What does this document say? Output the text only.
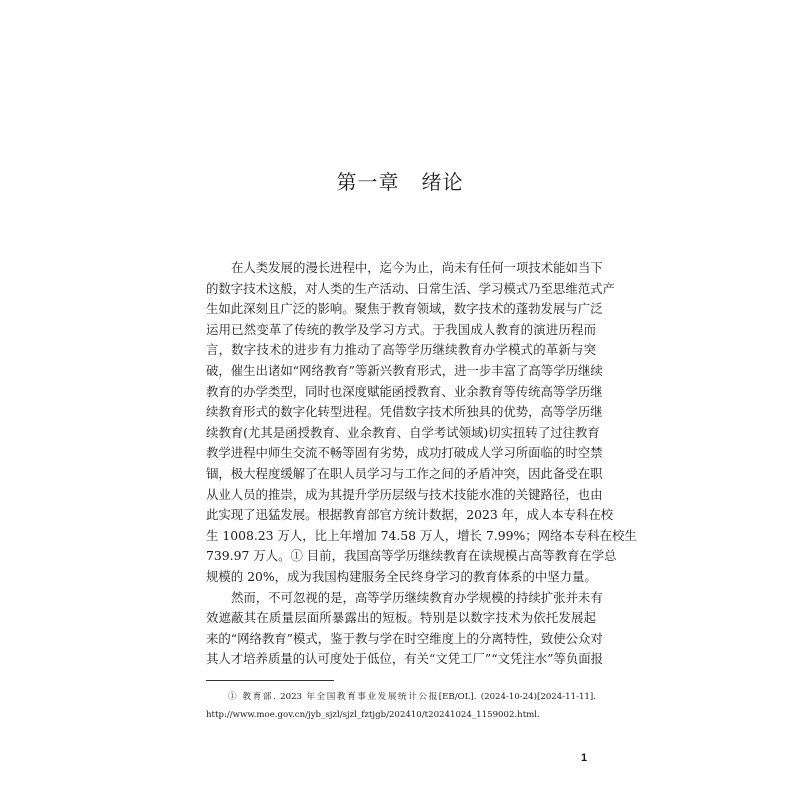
第一章 绪论
在人类发展的漫长进程中，迄今为止，尚未有任何一项技术能如当下
的数字技术这般，对人类的生产活动、日常生活、学习模式乃至思维范式产
生如此深刻且广泛的影响。聚焦于教育领域，数字技术的蓬勃发展与广泛
运用已然变革了传统的教学及学习方式。于我国成人教育的演进历程而
言，数字技术的进步有力推动了高等学历继续教育办学模式的革新与突
破，催生出诸如“网络教育”等新兴教育形式，进一步丰富了高等学历继续
教育的办学类型，同时也深度赋能函授教育、业余教育等传统高等学历继
续教育形式的数字化转型进程。凭借数字技术所独具的优势，高等学历继
续教育(尤其是函授教育、业余教育、自学考试领域)切实扭转了过往教育
教学进程中师生交流不畅等固有劣势，成功打破成人学习所面临的时空禁
锢，极大程度缓解了在职人员学习与工作之间的矛盾冲突，因此备受在职
从业人员的推崇，成为其提升学历层级与技术技能水准的关键路径，也由
此实现了迅猛发展。根据教育部官方统计数据，2023 年，成人本专科在校
生 1008.23 万人，比上年增加 74.58 万人，增长 7.99%；网络本专科在校生
739.97 万人。① 目前，我国高等学历继续教育在读规模占高等教育在学总
规模的 20%，成为我国构建服务全民终身学习的教育体系的中坚力量。
然而，不可忽视的是，高等学历继续教育办学规模的持续扩张并未有
效遮蔽其在质量层面所暴露出的短板。特别是以数字技术为依托发展起
来的“网络教育”模式，鉴于教与学在时空维度上的分离特性，致使公众对
其人才培养质量的认可度处于低位，有关“文凭工厂”“文凭注水”等负面报
① 教育部. 2023 年全国教育事业发展统计公报[EB/OL]. (2024-10-24)[2024-11-11].
http://www.moe.gov.cn/jyb_sjzl/sjzl_fztjgb/202410/t20241024_1159002.html.
1
